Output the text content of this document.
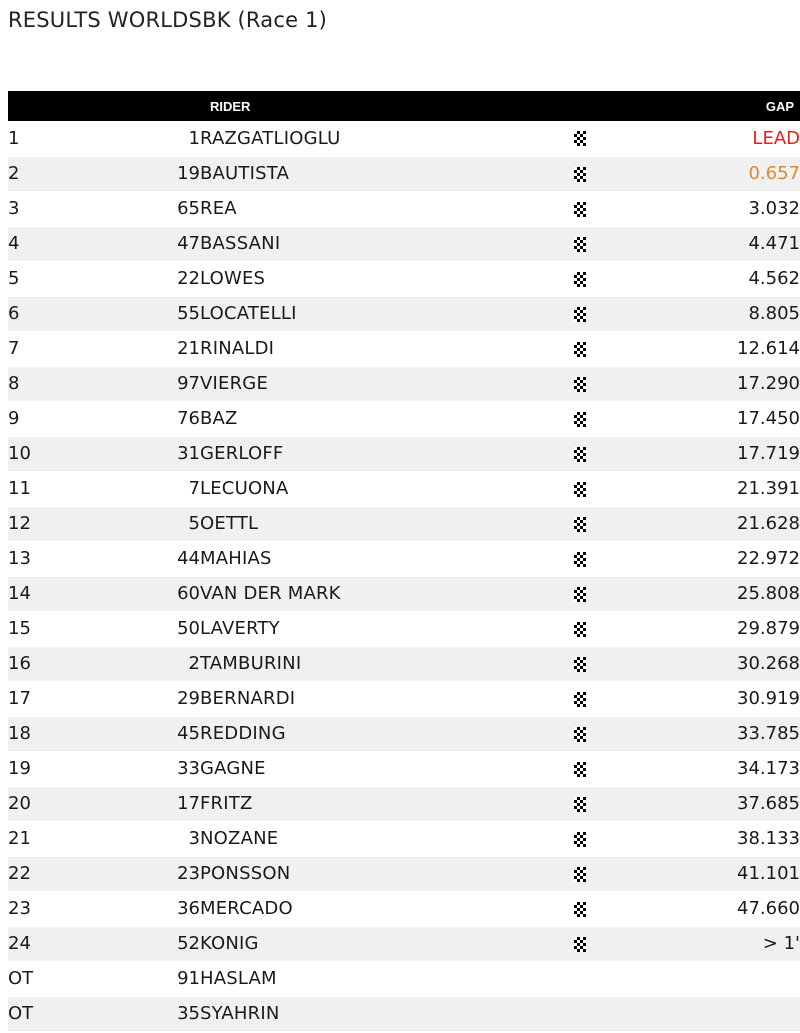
RESULTS WORLDSBK (Race 1)
		RIDER		GAP
1	1	RAZGATLIOGLU		LEAD
2	19	BAUTISTA		0.657
3	65	REA		3.032
4	47	BASSANI		4.471
5	22	LOWES		4.562
6	55	LOCATELLI		8.805
7	21	RINALDI		12.614
8	97	VIERGE		17.290
9	76	BAZ		17.450
10	31	GERLOFF		17.719
11	7	LECUONA		21.391
12	5	OETTL		21.628
13	44	MAHIAS		22.972
14	60	VAN DER MARK		25.808
15	50	LAVERTY		29.879
16	2	TAMBURINI		30.268
17	29	BERNARDI		30.919
18	45	REDDING		33.785
19	33	GAGNE		34.173
20	17	FRITZ		37.685
21	3	NOZANE		38.133
22	23	PONSSON		41.101
23	36	MERCADO		47.660
24	52	KONIG		> 1'
OT	91	HASLAM		
OT	35	SYAHRIN		
